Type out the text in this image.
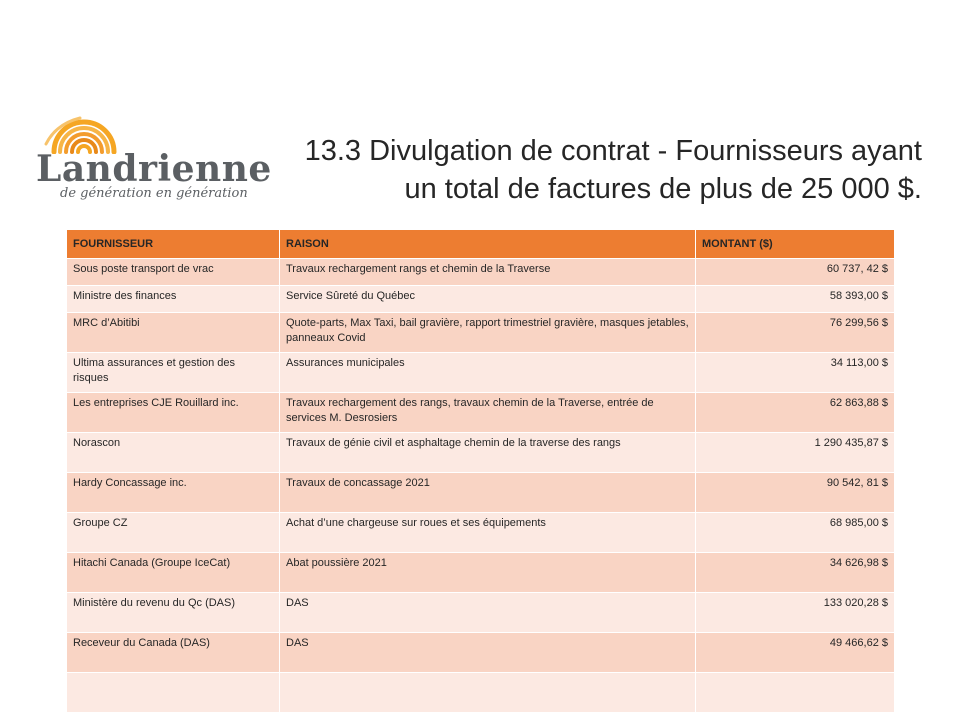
Landrienne
de génération en génération
13.3 Divulgation de contrat - Fournisseurs ayant
un total de factures de plus de 25 000 $.
FOURNISSEUR	RAISON	MONTANT ($)
Sous poste transport de vrac	Travaux rechargement rangs et chemin de la Traverse	60 737, 42 $
Ministre des finances	Service Sûreté du Québec	58 393,00 $
MRC d’Abitibi	Quote-parts, Max Taxi, bail gravière, rapport trimestriel gravière, masques jetables, panneaux Covid	76 299,56 $
Ultima assurances et gestion des risques	Assurances municipales	34 113,00 $
Les entreprises CJE Rouillard inc.	Travaux rechargement des rangs, travaux chemin de la Traverse, entrée de services M. Desrosiers	62 863,88 $
Norascon	Travaux de génie civil et asphaltage chemin de la traverse des rangs	1 290 435,87 $
Hardy Concassage inc.	Travaux de concassage 2021	90 542, 81 $
Groupe CZ	Achat d’une chargeuse sur roues et ses équipements	68 985,00 $
Hitachi Canada (Groupe IceCat)	Abat poussière 2021	34 626,98 $
Ministère du revenu du Qc (DAS)	DAS	133 020,28 $
Receveur du Canada (DAS)	DAS	49 466,62 $
